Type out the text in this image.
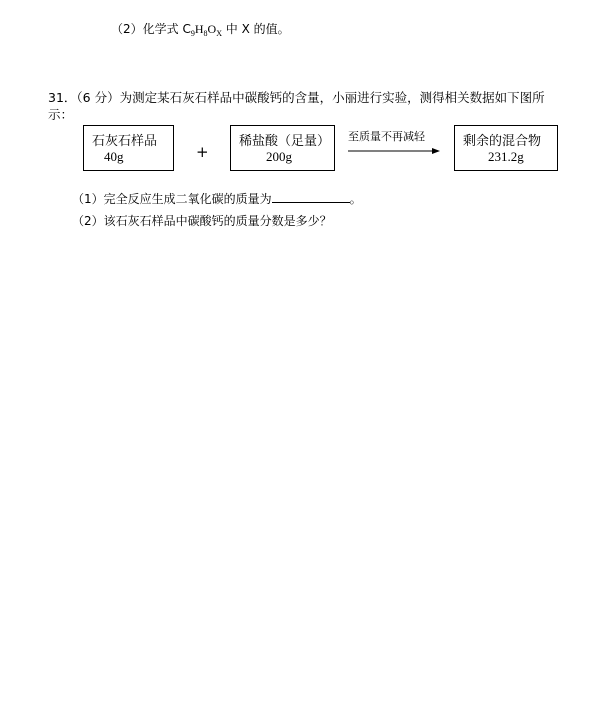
（2）化学式 $C_9H_8O_X$ 中 X 的值。
31．（6 分）为测定某石灰石样品中碳酸钙的含量，小丽进行实验，测得相关数据如下图所
示：
石灰石样品
40g	+
稀盐酸（足量）
200g
至质量不再减轻	剩余的混合物
231.2g
（1）完全反应生成二氧化碳的质量为	。
（2）该石灰石样品中碳酸钙的质量分数是多少？
